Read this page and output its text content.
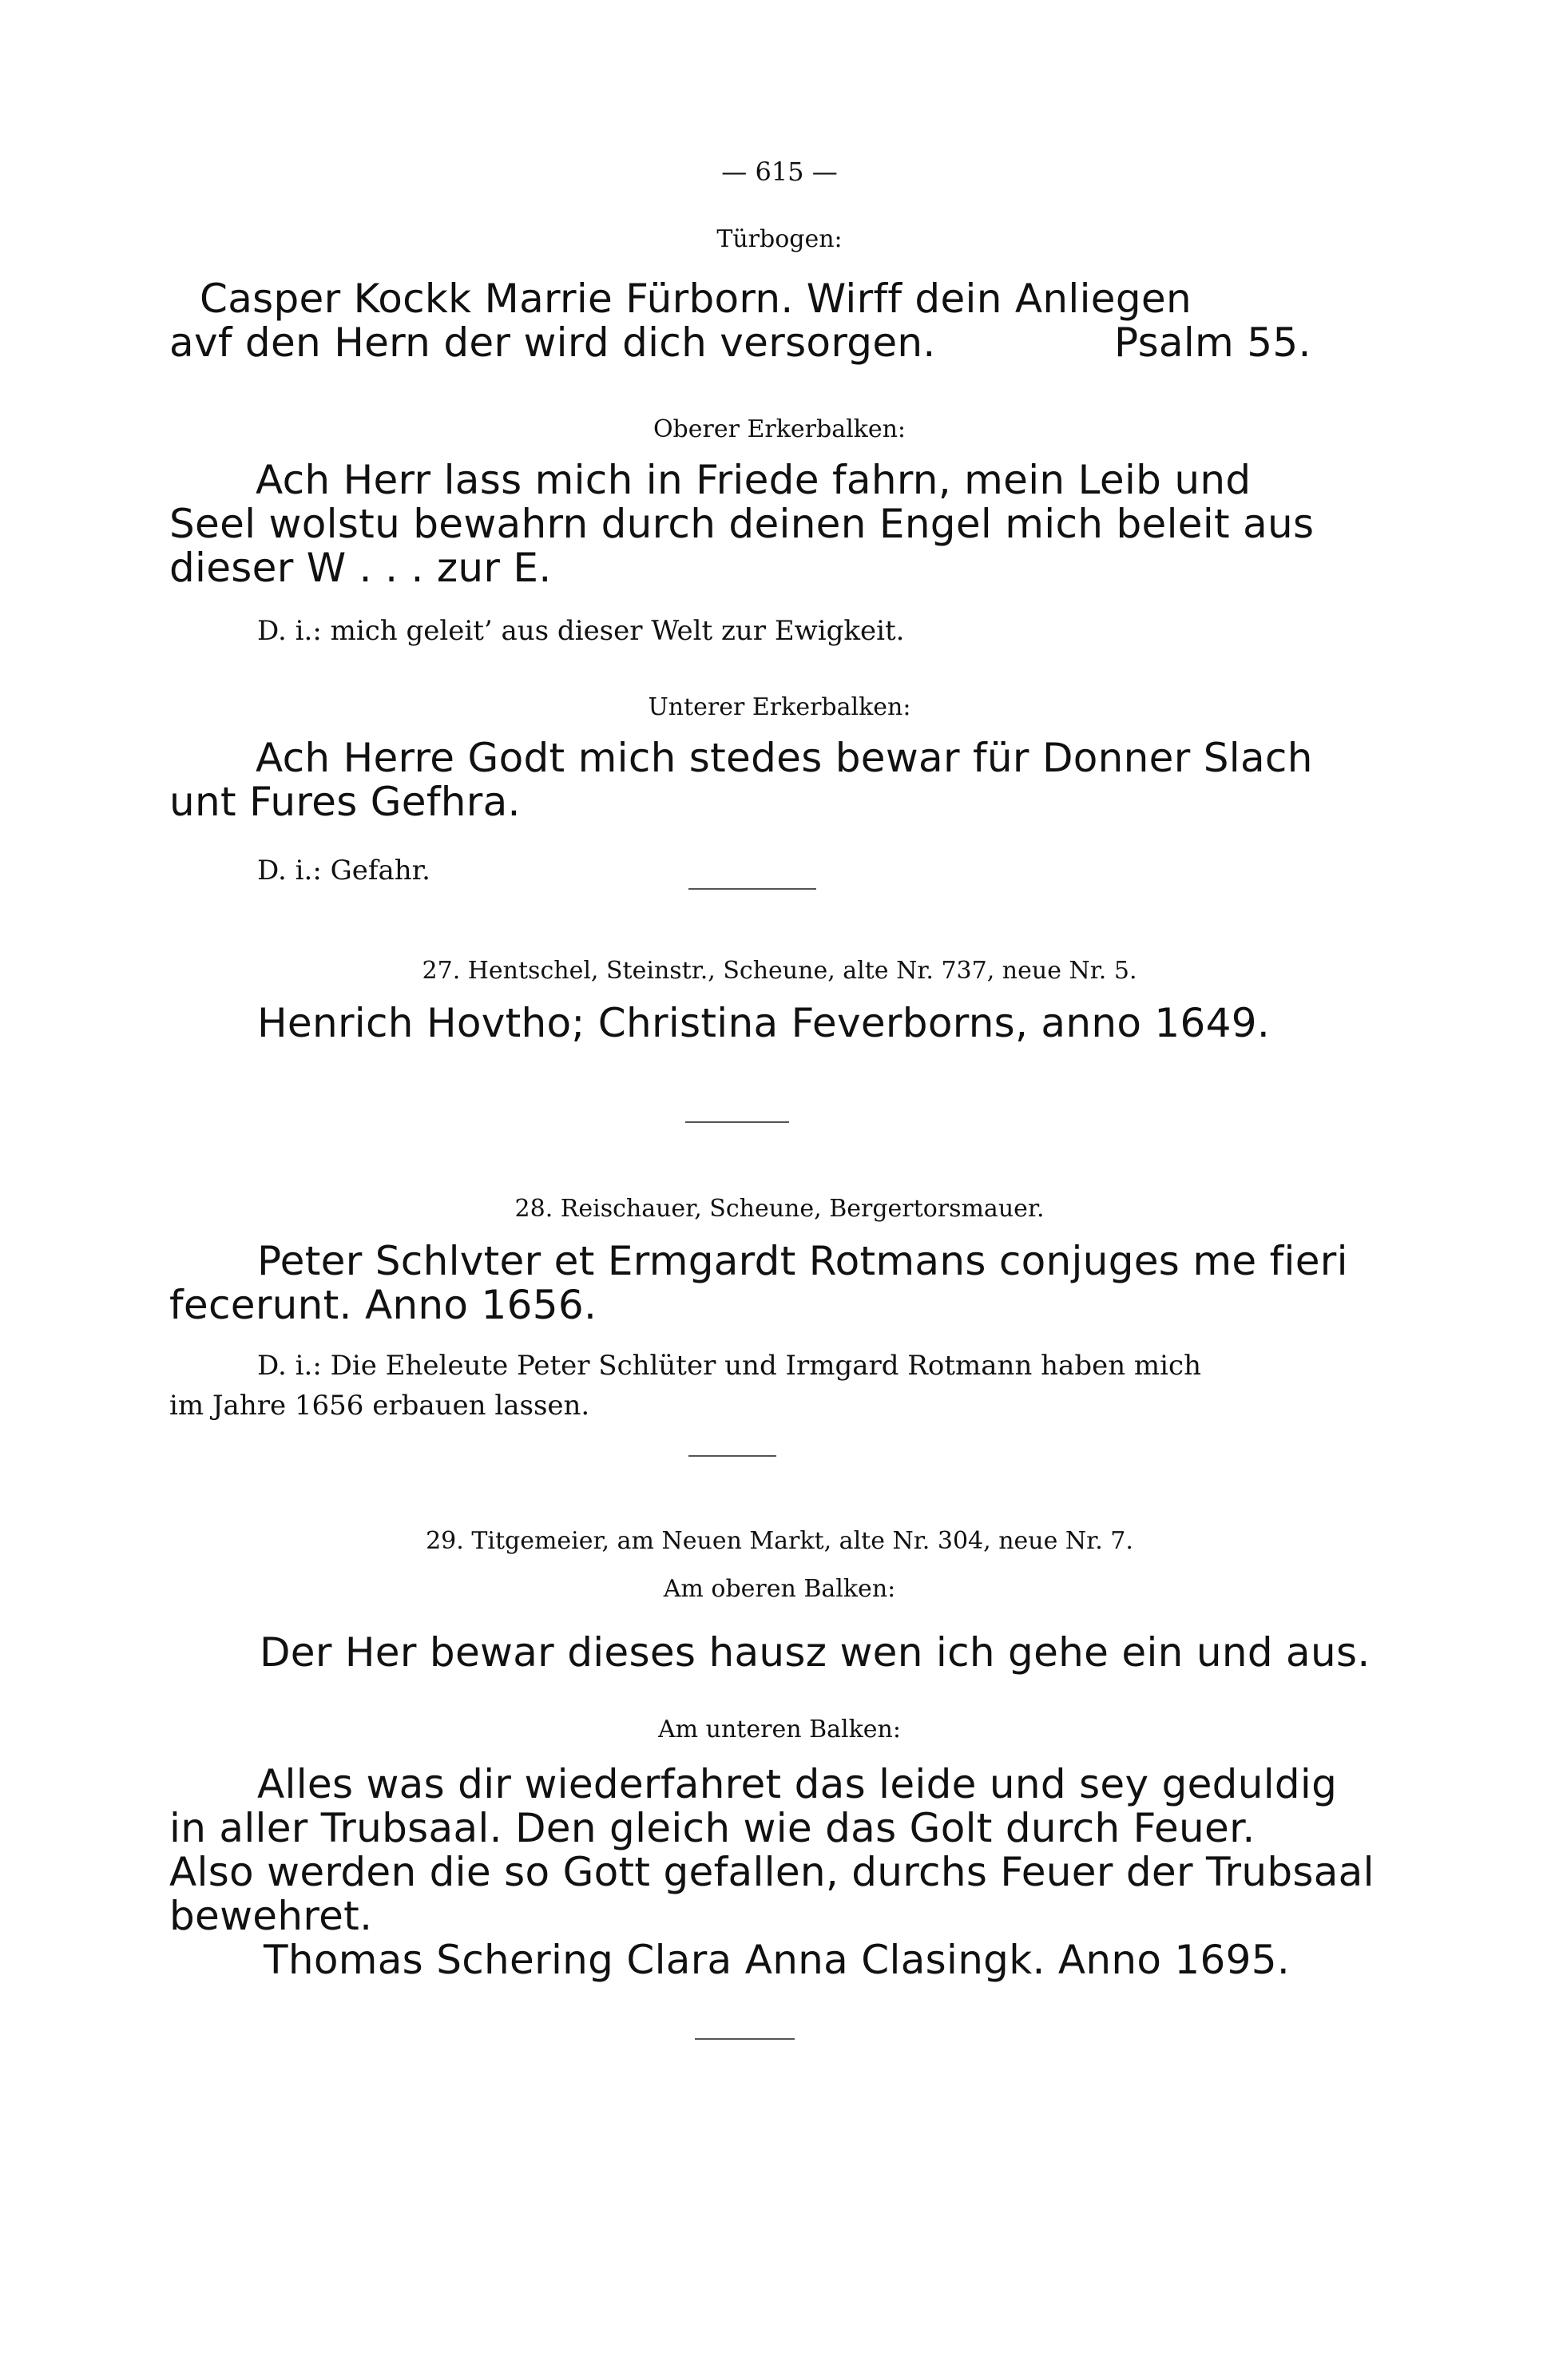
— 615 —
Türbogen:
Casper Kockk Marrie Fürborn. Wirff dein Anliegen
avf den Hern der wird dich versorgen.	Psalm 55.
Oberer Erkerbalken:
Ach Herr lass mich in Friede fahrn, mein Leib und
Seel wolstu bewahrn durch deinen Engel mich beleit aus
dieser W . . . zur E.
D. i.: mich geleit’ aus dieser Welt zur Ewigkeit.
Unterer Erkerbalken:
Ach Herre Godt mich stedes bewar für Donner Slach
unt Fures Gefhra.
D. i.: Gefahr.
27. Hentschel, Steinstr., Scheune, alte Nr. 737, neue Nr. 5.
Henrich Hovtho; Christina Feverborns, anno 1649.
28. Reischauer, Scheune, Bergertorsmauer.
Peter Schlvter et Ermgardt Rotmans conjuges me fieri
fecerunt. Anno 1656.
D. i.: Die Eheleute Peter Schlüter und Irmgard Rotmann haben mich
im Jahre 1656 erbauen lassen.
29. Titgemeier, am Neuen Markt, alte Nr. 304, neue Nr. 7.
Am oberen Balken:
Der Her bewar dieses hausz wen ich gehe ein und aus.
Am unteren Balken:
Alles was dir wiederfahret das leide und sey geduldig
in aller Trubsaal. Den gleich wie das Golt durch Feuer.
Also werden die so Gott gefallen, durchs Feuer der Trubsaal
bewehret.
Thomas Schering Clara Anna Clasingk. Anno 1695.
